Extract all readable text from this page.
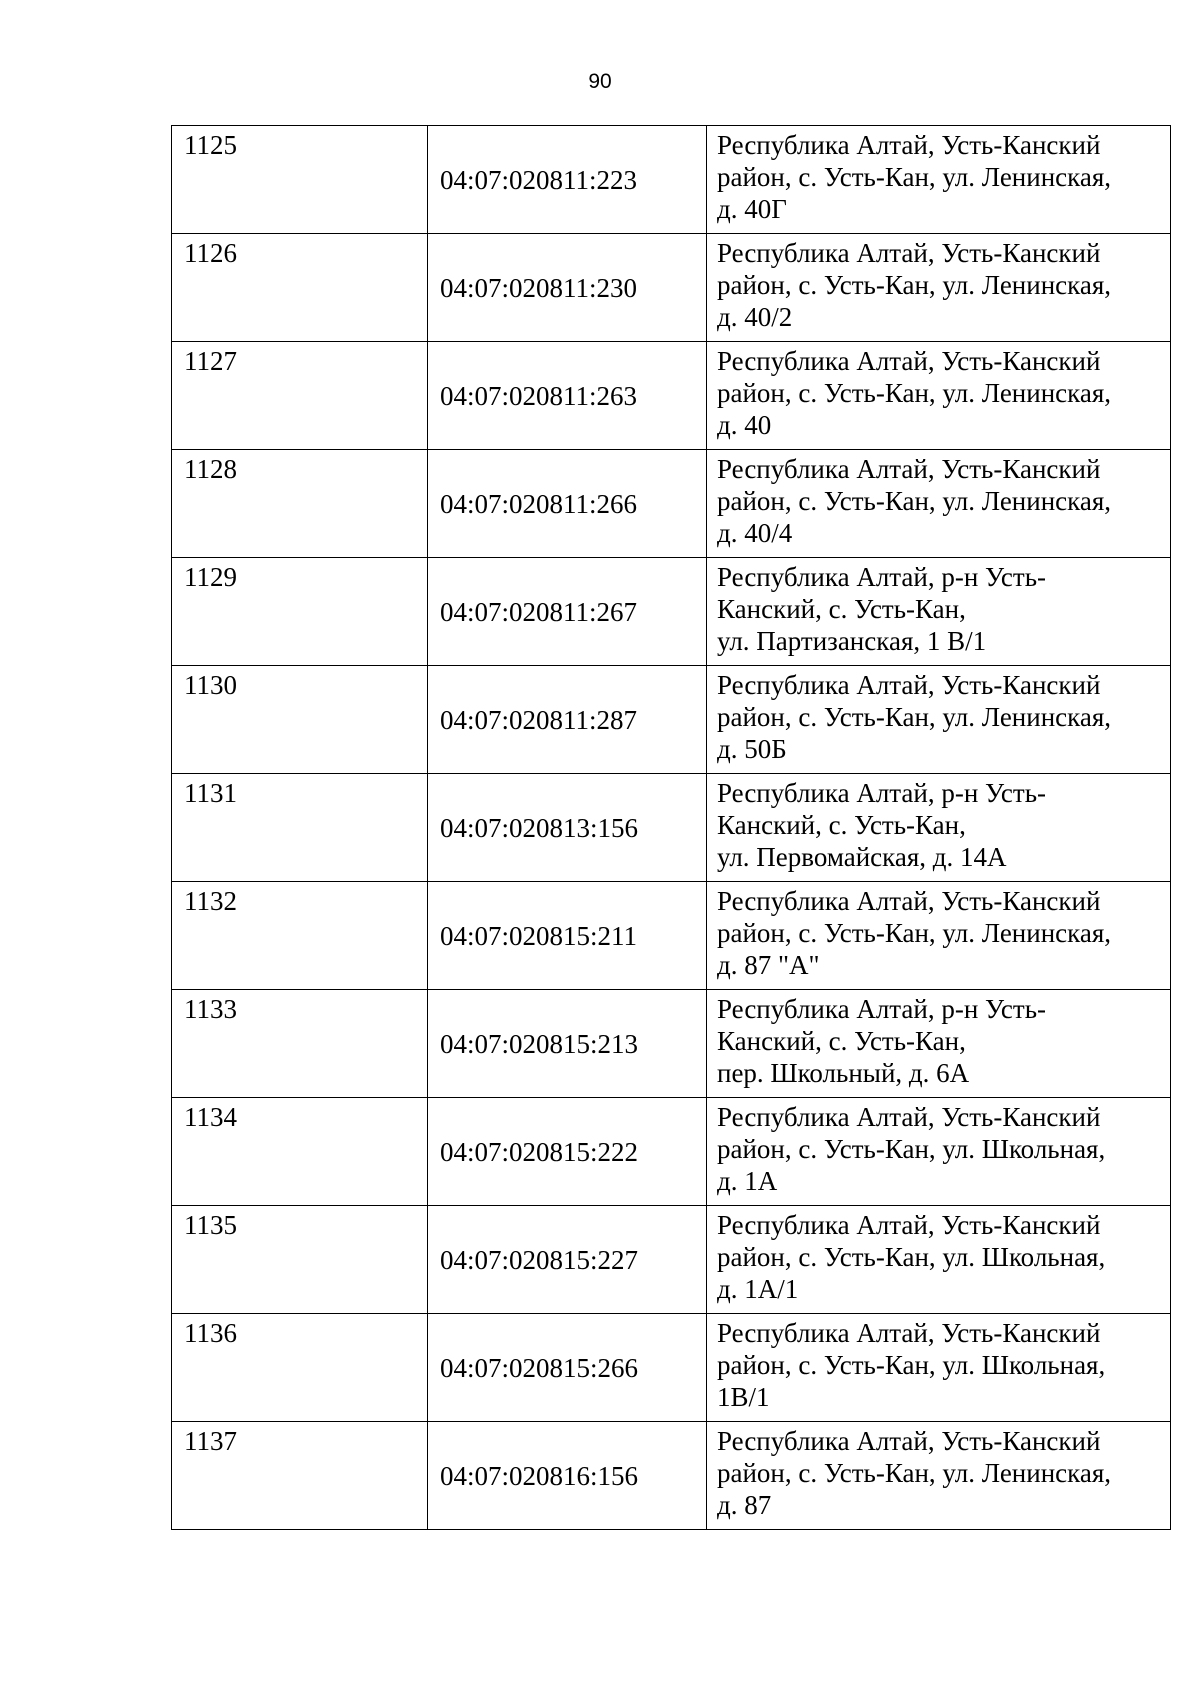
90
1125	04:07:020811:223	Республика Алтай, Усть-Канский
район, с. Усть-Кан, ул. Ленинская,
д. 40Г

1126	04:07:020811:230	Республика Алтай, Усть-Канский
район, с. Усть-Кан, ул. Ленинская,
д. 40/2

1127	04:07:020811:263	Республика Алтай, Усть-Канский
район, с. Усть-Кан, ул. Ленинская,
д. 40

1128	04:07:020811:266	Республика Алтай, Усть-Канский
район, с. Усть-Кан, ул. Ленинская,
д. 40/4

1129	04:07:020811:267	Республика Алтай, р-н Усть-
Канский, с. Усть-Кан,
ул. Партизанская, 1 В/1

1130	04:07:020811:287	Республика Алтай, Усть-Канский
район, с. Усть-Кан, ул. Ленинская,
д. 50Б

1131	04:07:020813:156	Республика Алтай, р-н Усть-
Канский, с. Усть-Кан,
ул. Первомайская, д. 14А

1132	04:07:020815:211	Республика Алтай, Усть-Канский
район, с. Усть-Кан, ул. Ленинская,
д. 87 "А"

1133	04:07:020815:213	Республика Алтай, р-н Усть-
Канский, с. Усть-Кан,
пер. Школьный, д. 6А

1134	04:07:020815:222	Республика Алтай, Усть-Канский
район, с. Усть-Кан, ул. Школьная,
д. 1А

1135	04:07:020815:227	Республика Алтай, Усть-Канский
район, с. Усть-Кан, ул. Школьная,
д. 1А/1

1136	04:07:020815:266	Республика Алтай, Усть-Канский
район, с. Усть-Кан, ул. Школьная,
1В/1

1137	04:07:020816:156	Республика Алтай, Усть-Канский
район, с. Усть-Кан, ул. Ленинская,
д. 87
